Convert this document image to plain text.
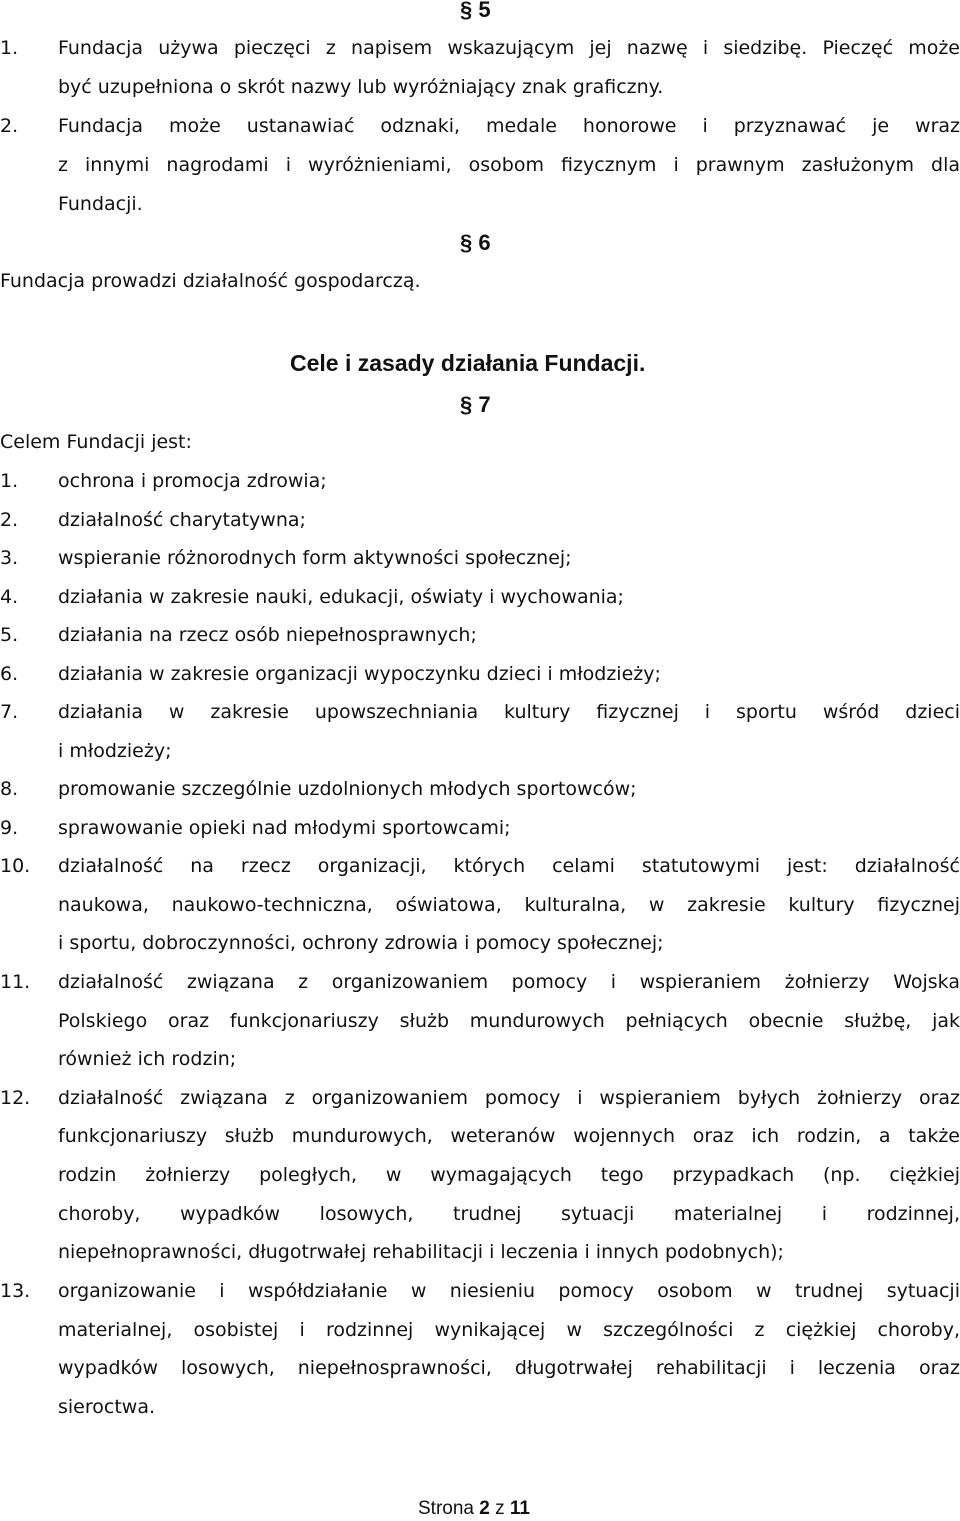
§ 5
1. Fundacja używa pieczęci z napisem wskazującym jej nazwę i siedzibę. Pieczęć może
być uzupełniona o skrót nazwy lub wyróżniający znak graficzny.
2. Fundacja może ustanawiać odznaki, medale honorowe i przyznawać je wraz
z innymi nagrodami i wyróżnieniami, osobom fizycznym i prawnym zasłużonym dla
Fundacji.
§ 6
Fundacja prowadzi działalność gospodarczą.
Cele i zasady działania Fundacji.
§ 7
Celem Fundacji jest:
1. ochrona i promocja zdrowia;
2. działalność charytatywna;
3. wspieranie różnorodnych form aktywności społecznej;
4. działania w zakresie nauki, edukacji, oświaty i wychowania;
5. działania na rzecz osób niepełnosprawnych;
6. działania w zakresie organizacji wypoczynku dzieci i młodzieży;
7. działania w zakresie upowszechniania kultury fizycznej i sportu wśród dzieci
i młodzieży;
8. promowanie szczególnie uzdolnionych młodych sportowców;
9. sprawowanie opieki nad młodymi sportowcami;
10. działalność na rzecz organizacji, których celami statutowymi jest: działalność
naukowa, naukowo-techniczna, oświatowa, kulturalna, w zakresie kultury fizycznej
i sportu, dobroczynności, ochrony zdrowia i pomocy społecznej;
11. działalność związana z organizowaniem pomocy i wspieraniem żołnierzy Wojska
Polskiego oraz funkcjonariuszy służb mundurowych pełniących obecnie służbę, jak
również ich rodzin;
12. działalność związana z organizowaniem pomocy i wspieraniem byłych żołnierzy oraz
funkcjonariuszy służb mundurowych, weteranów wojennych oraz ich rodzin, a także
rodzin żołnierzy poległych, w wymagających tego przypadkach (np. ciężkiej
choroby, wypadków losowych, trudnej sytuacji materialnej i rodzinnej,
niepełnoprawności, długotrwałej rehabilitacji i leczenia i innych podobnych);
13. organizowanie i współdziałanie w niesieniu pomocy osobom w trudnej sytuacji
materialnej, osobistej i rodzinnej wynikającej w szczególności z ciężkiej choroby,
wypadków losowych, niepełnosprawności, długotrwałej rehabilitacji i leczenia oraz
sieroctwa.
Strona 2 z 11
